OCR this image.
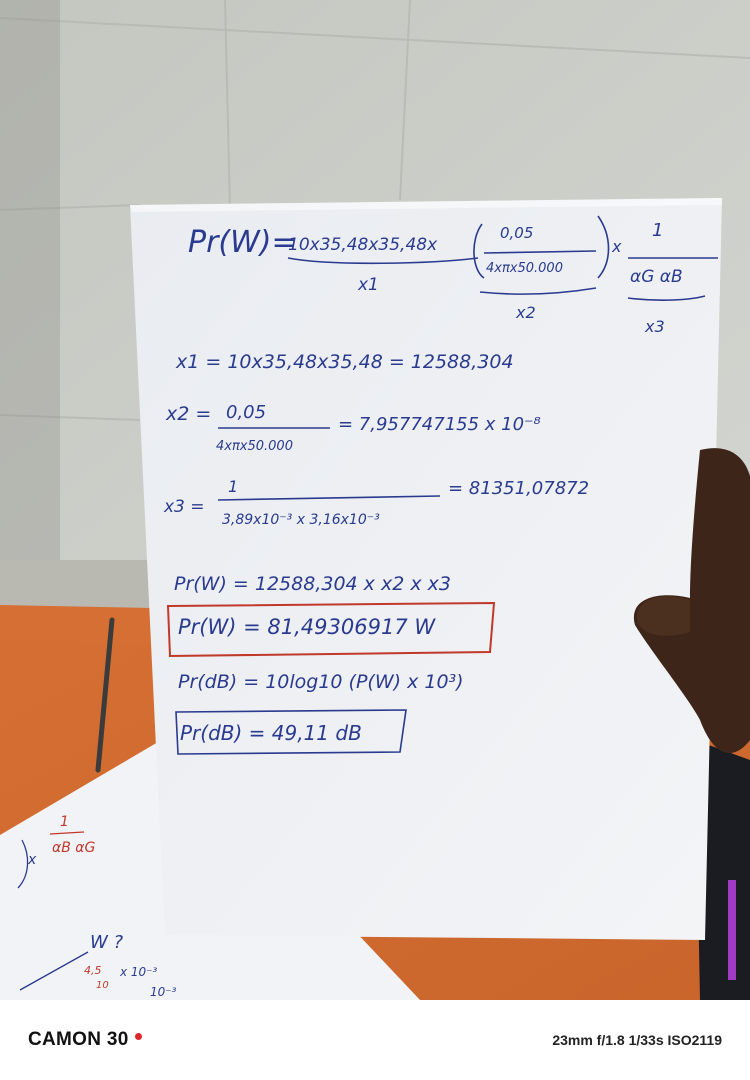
Pr(W)=
10x35,48x35,48x
0,05
4xπx50.000
x
1
αG αB
x1
x2
x3
x1 = 10x35,48x35,48 = 12588,304
x2 = 0,05
4xπx50.000
= 7,957747155 x 10⁻⁸
x3 =
1
3,89x10⁻³ x 3,16x10⁻³
= 81351,07872
Pr(W) = 12588,304 x x2 x x3
Pr(W) = 81,49306917 W
Pr(dB) = 10log10 (P(W) x 10³)
Pr(dB) = 49,11 dB
1
αB αG
x
W ?
4,5
10
x 10⁻³
10⁻³
CAMON 30	23mm f/1.8 1/33s ISO2119
